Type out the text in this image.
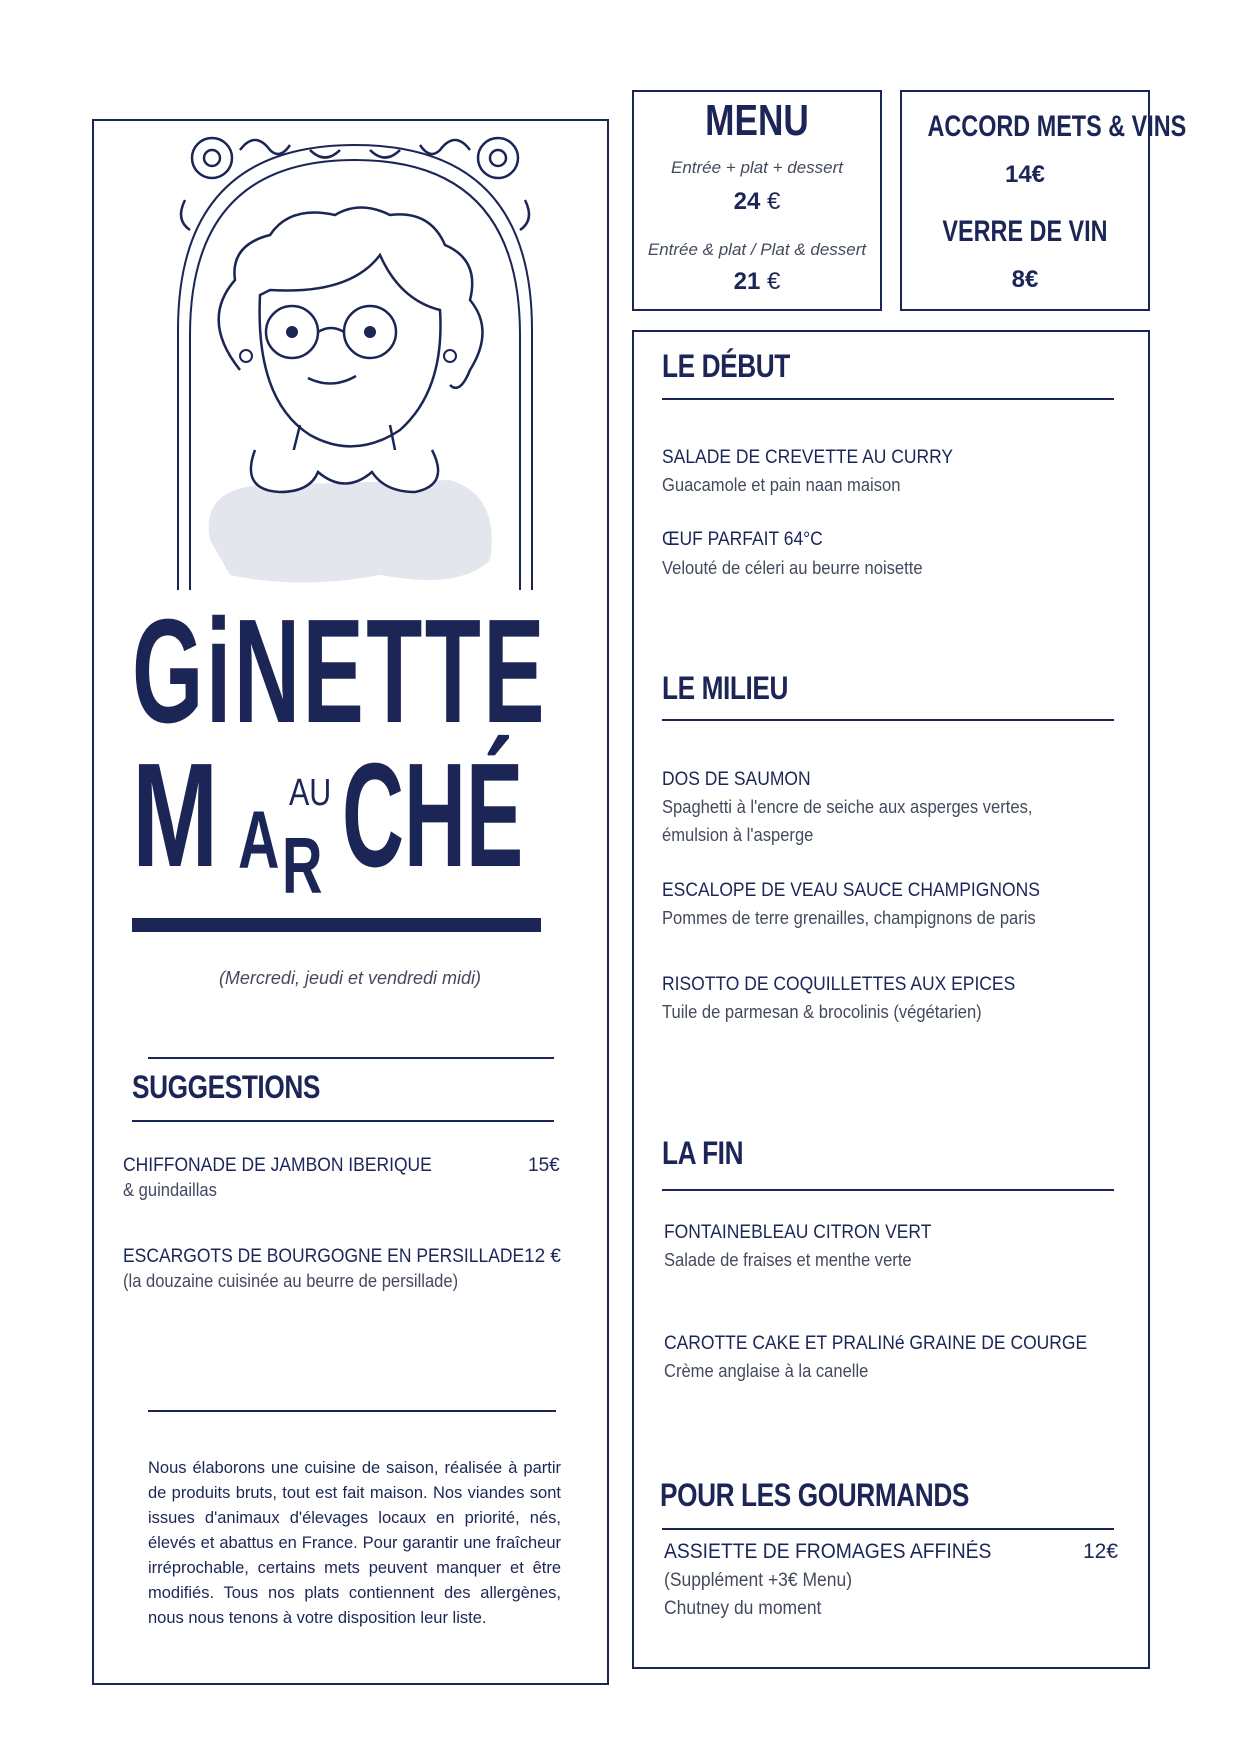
GiNETTE
M A
AU
R CHÉ
(Mercredi, jeudi et vendredi midi)
SUGGESTIONS
CHIFFONADE DE JAMBON IBERIQUE	15€
& guindaillas
ESCARGOTS DE BOURGOGNE EN PERSILLADE 12 €
(la douzaine cuisinée au beurre de persillade)
Nous élaborons une cuisine de saison, réalisée à partir de produits bruts, tout est fait maison. Nos viandes sont issues d'animaux d'élevages locaux en priorité, nés, élevés et abattus en France. Pour garantir une fraîcheur irréprochable, certains mets peuvent manquer et être modifiés. Tous nos plats contiennent des allergènes, nous nous tenons à votre disposition leur liste.
MENU
Entrée + plat + dessert
24 €
Entrée & plat / Plat & dessert
21 €
ACCORD METS & VINS
14€
VERRE DE VIN
8€
LE DÉBUT
SALADE DE CREVETTE AU CURRY
Guacamole et pain naan maison
ŒUF PARFAIT 64°C
Velouté de céleri au beurre noisette
LE MILIEU
DOS DE SAUMON
Spaghetti à l'encre de seiche aux asperges vertes,
émulsion à l'asperge
ESCALOPE DE VEAU SAUCE CHAMPIGNONS
Pommes de terre grenailles, champignons de paris
RISOTTO DE COQUILLETTES AUX EPICES
Tuile de parmesan & brocolinis (végétarien)
LA FIN
FONTAINEBLEAU CITRON VERT
Salade de fraises et menthe verte
CAROTTE CAKE ET PRALINé GRAINE DE COURGE
Crème anglaise à la canelle
POUR LES GOURMANDS
ASSIETTE DE FROMAGES AFFINÉS	12€
(Supplément +3€ Menu)
Chutney du moment
